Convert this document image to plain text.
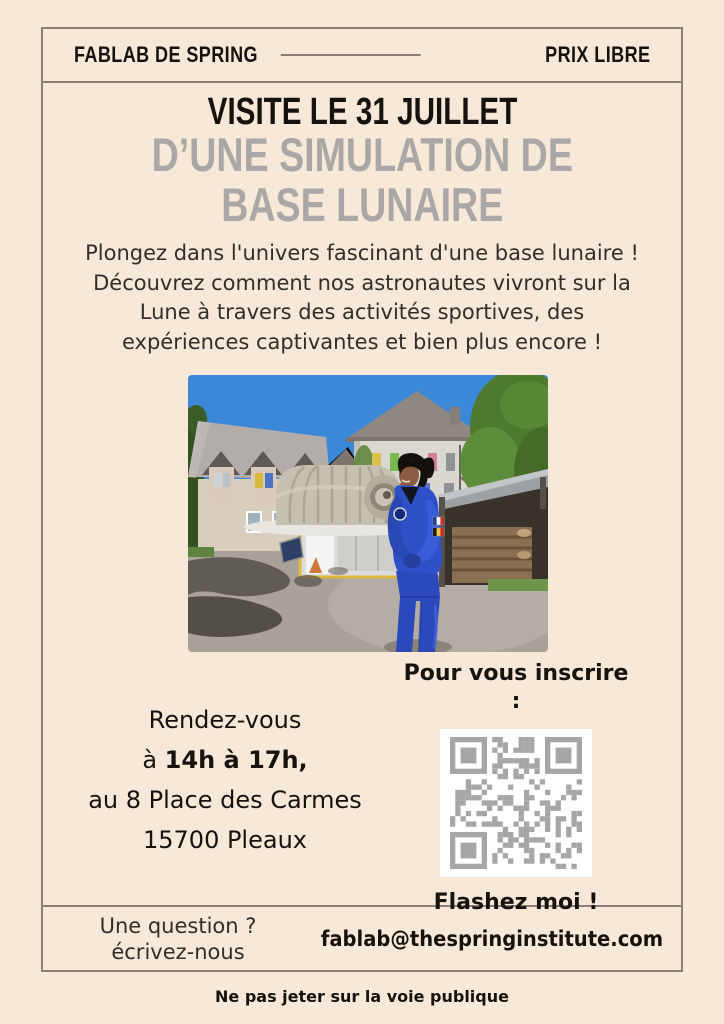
FABLAB DE SPRING	PRIX LIBRE
VISITE LE 31 JUILLET
D’UNE SIMULATION DE
BASE LUNAIRE
Plongez dans l'univers fascinant d'une base lunaire !
Découvrez comment nos astronautes vivront sur la
Lune à travers des activités sportives, des
expériences captivantes et bien plus encore !
Pour vous inscrire :
Flashez moi !
Rendez-vous
à 14h à 17h,
au 8 Place des Carmes
15700 Pleaux
Une question ?
écrivez-nous
fablab@thespringinstitute.com
Ne pas jeter sur la voie publique
